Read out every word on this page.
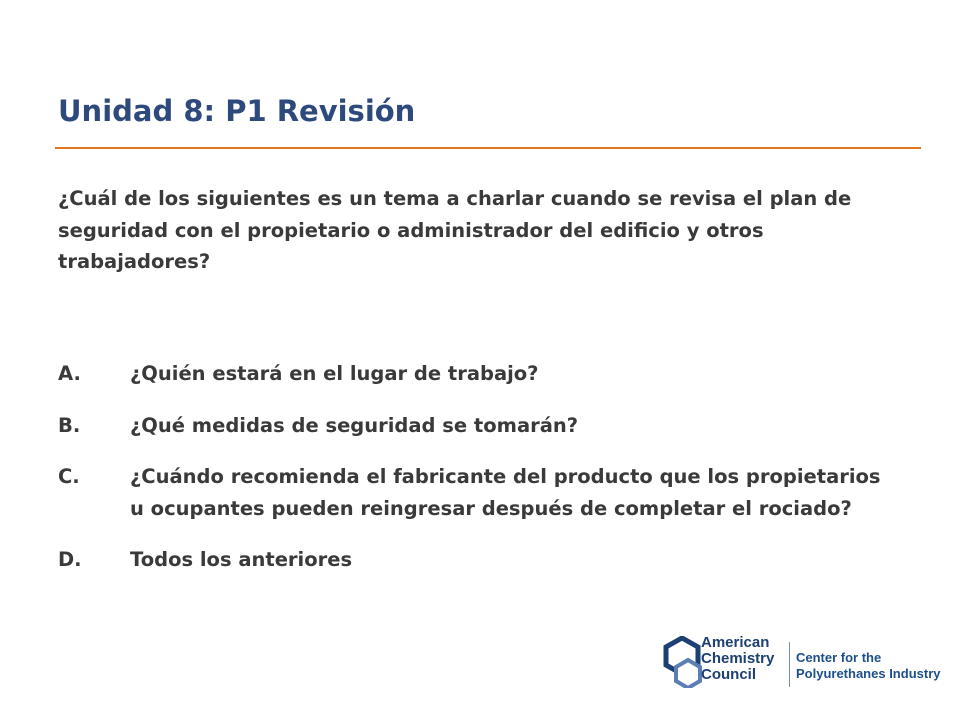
Unidad 8: P1 Revisión

¿Cuál de los siguientes es un tema a charlar cuando se revisa el plan de seguridad con el propietario o administrador del edificio y otros trabajadores?

A.	¿Quién estará en el lugar de trabajo?
B.	¿Qué medidas de seguridad se tomarán?
C.	¿Cuándo recomienda el fabricante del producto que los propietarios u ocupantes pueden reingresar después de completar el rociado?
D. Todos los anteriores
American
Chemistry
Council
Center for the
Polyurethanes Industry
